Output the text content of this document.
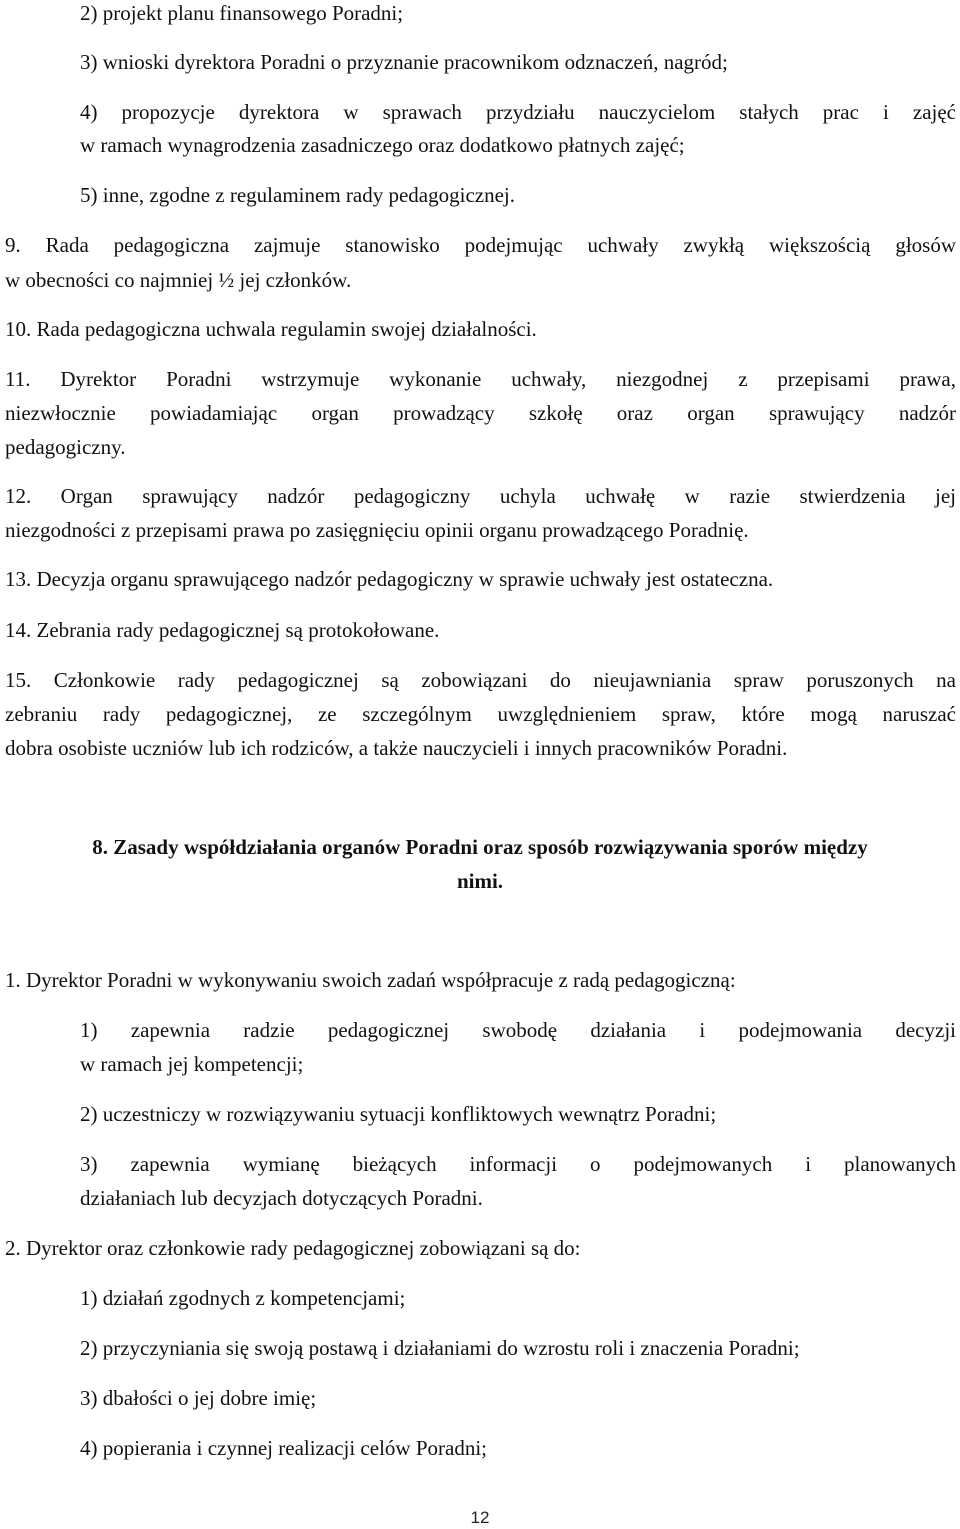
2) projekt planu finansowego Poradni;

3) wnioski dyrektora Poradni o przyznanie pracownikom odznaczeń, nagród;

4) propozycje dyrektora w sprawach przydziału nauczycielom stałych prac i zajęć

w ramach wynagrodzenia zasadniczego oraz dodatkowo płatnych zajęć;

5) inne, zgodne z regulaminem rady pedagogicznej.

9. Rada pedagogiczna zajmuje stanowisko podejmując uchwały zwykłą większością głosów

w obecności co najmniej ½ jej członków.

10. Rada pedagogiczna uchwala regulamin swojej działalności.

11. Dyrektor Poradni wstrzymuje wykonanie uchwały, niezgodnej z przepisami prawa,

niezwłocznie powiadamiając organ prowadzący szkołę oraz organ sprawujący nadzór

pedagogiczny.

12. Organ sprawujący nadzór pedagogiczny uchyla uchwałę w razie stwierdzenia jej

niezgodności z przepisami prawa po zasięgnięciu opinii organu prowadzącego Poradnię.

13. Decyzja organu sprawującego nadzór pedagogiczny w sprawie uchwały jest ostateczna.

14. Zebrania rady pedagogicznej są protokołowane.

15. Członkowie rady pedagogicznej są zobowiązani do nieujawniania spraw poruszonych na

zebraniu rady pedagogicznej, ze szczególnym uwzględnieniem spraw, które mogą naruszać

dobra osobiste uczniów lub ich rodziców, a także nauczycieli i innych pracowników Poradni.

8. Zasady współdziałania organów Poradni oraz sposób rozwiązywania sporów między

nimi.

1. Dyrektor Poradni w wykonywaniu swoich zadań współpracuje z radą pedagogiczną:

1) zapewnia radzie pedagogicznej swobodę działania i podejmowania decyzji

w ramach jej kompetencji;

2) uczestniczy w rozwiązywaniu sytuacji konfliktowych wewnątrz Poradni;

3) zapewnia wymianę bieżących informacji o podejmowanych i planowanych

działaniach lub decyzjach dotyczących Poradni.

2. Dyrektor oraz członkowie rady pedagogicznej zobowiązani są do:

1) działań zgodnych z kompetencjami;

2) przyczyniania się swoją postawą i działaniami do wzrostu roli i znaczenia Poradni;

3) dbałości o jej dobre imię;

4) popierania i czynnej realizacji celów Poradni;

12
